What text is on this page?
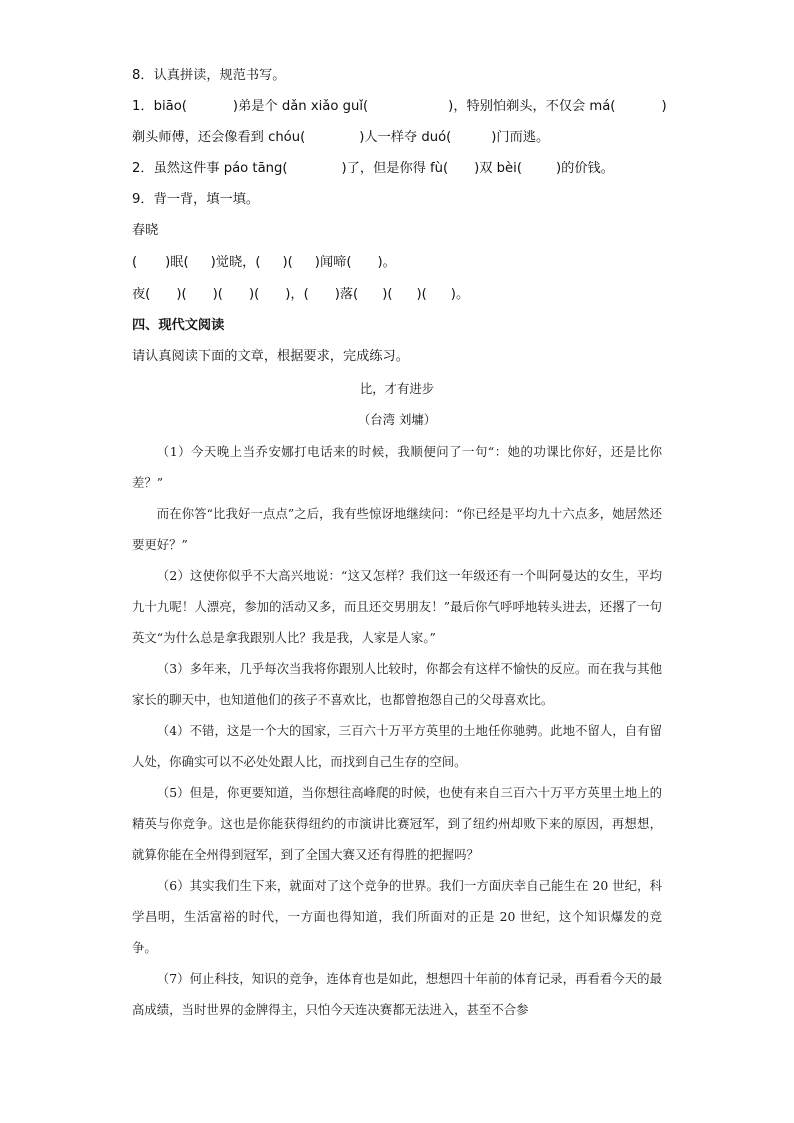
8．认真拼读，规范书写。
1．biāo(	)弟是个 dǎn xiǎo guǐ(	)，特别怕剃头，不仅会 má(	)
剃头师傅，还会像看到 chóu(	)人一样夺 duó(	)门而逃。
2．虽然这件事 páo tāng(	)了，但是你得 fù( )双 bèi(	)的价钱。
9．背一背，填一填。
春晓
( )眠( )觉晓，( )( )闻啼( )。
夜( )( )( )( )，( )落( )( )( )。
四、现代文阅读
请认真阅读下面的文章，根据要求，完成练习。
比，才有进步
（台湾 刘墉）

（1）今天晚上当乔安娜打电话来的时候，我顺便问了一句“：她的功课比你好，还是比你差？”

而在你答“比我好一点点”之后，我有些惊讶地继续问：“你已经是平均九十六点多，她居然还要更好？”

（2）这使你似乎不大高兴地说：“这又怎样？我们这一年级还有一个叫阿曼达的女生，平均九十九呢！人漂亮，参加的活动又多，而且还交男朋友！”最后你气呼呼地转头进去，还撂了一句英文“为什么总是拿我跟别人比？我是我，人家是人家。”

（3）多年来，几乎每次当我将你跟别人比较时，你都会有这样不愉快的反应。而在我与其他家长的聊天中，也知道他们的孩子不喜欢比，也都曾抱怨自己的父母喜欢比。

（4）不错，这是一个大的国家，三百六十万平方英里的土地任你驰骋。此地不留人，自有留人处，你确实可以不必处处跟人比，而找到自己生存的空间。

（5）但是，你更要知道，当你想往高峰爬的时候，也使有来自三百六十万平方英里土地上的精英与你竞争。这也是你能获得纽约的市演讲比赛冠军，到了纽约州却败下来的原因，再想想，就算你能在全州得到冠军，到了全国大赛又还有得胜的把握吗？

（6）其实我们生下来，就面对了这个竞争的世界。我们一方面庆幸自己能生在 20 世纪，科学昌明，生活富裕的时代，一方面也得知道，我们所面对的正是 20 世纪，这个知识爆发的竞争。

（7）何止科技，知识的竞争，连体育也是如此，想想四十年前的体育记录，再看看今天的最高成绩，当时世界的金牌得主，只怕今天连决赛都无法进入，甚至不合参
